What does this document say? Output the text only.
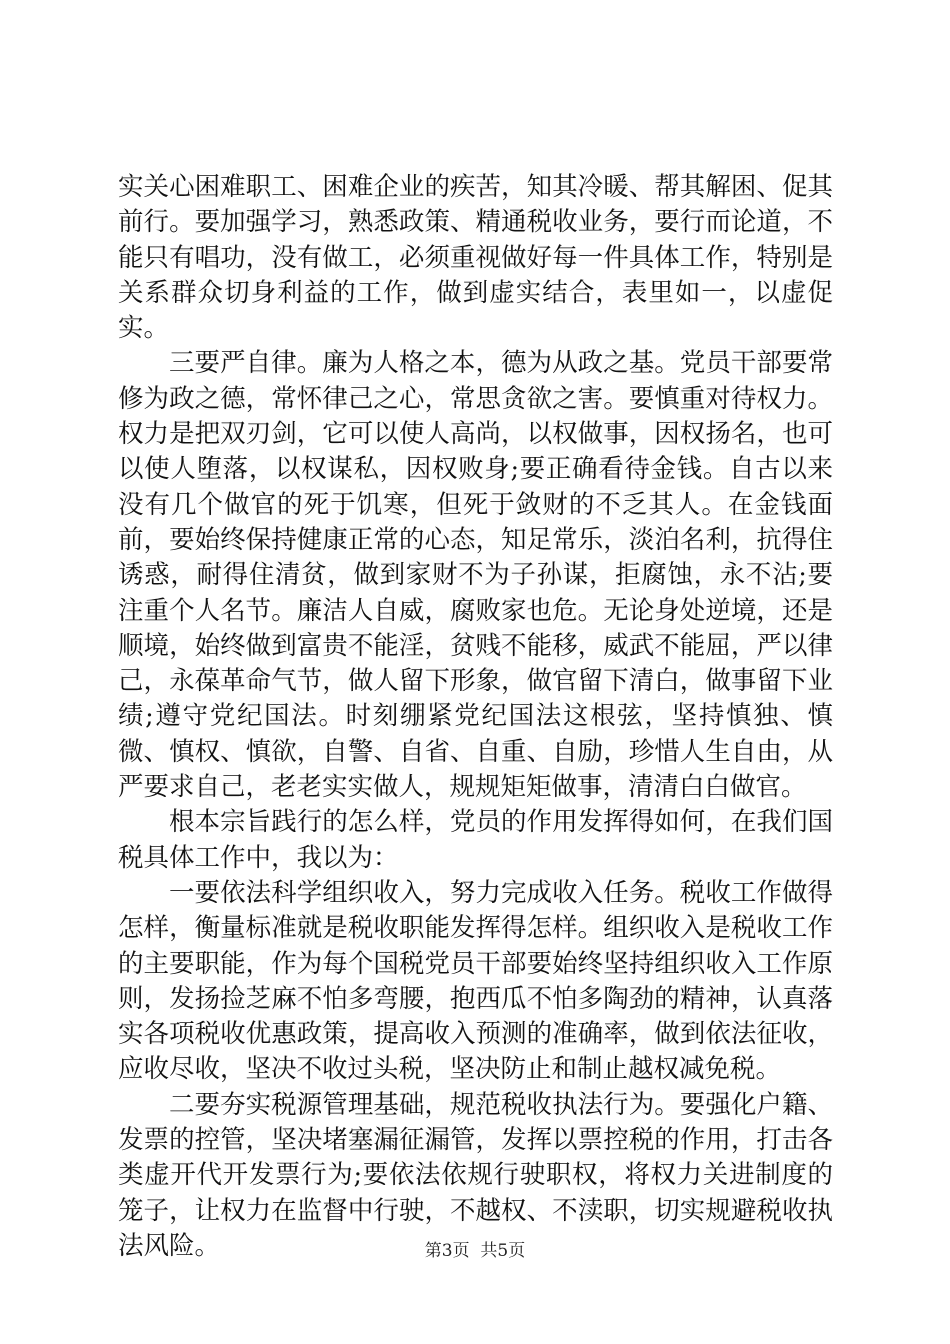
实关心困难职工、困难企业的疾苦，知其冷暖、帮其解困、促其前行。要加强学习，熟悉政策、精通税收业务，要行而论道，不能只有唱功，没有做工，必须重视做好每一件具体工作，特别是关系群众切身利益的工作，做到虚实结合，表里如一，以虚促实。

三要严自律。廉为人格之本，德为从政之基。党员干部要常修为政之德，常怀律己之心，常思贪欲之害。要慎重对待权力。权力是把双刃剑，它可以使人高尚，以权做事，因权扬名，也可以使人堕落，以权谋私，因权败身;要正确看待金钱。自古以来没有几个做官的死于饥寒，但死于敛财的不乏其人。在金钱面前，要始终保持健康正常的心态，知足常乐，淡泊名利，抗得住诱惑，耐得住清贫，做到家财不为子孙谋，拒腐蚀，永不沾;要注重个人名节。廉洁人自威，腐败家也危。无论身处逆境，还是顺境，始终做到富贵不能淫，贫贱不能移，威武不能屈，严以律己，永葆革命气节，做人留下形象，做官留下清白，做事留下业绩;遵守党纪国法。时刻绷紧党纪国法这根弦，坚持慎独、慎微、慎权、慎欲，自警、自省、自重、自励，珍惜人生自由，从严要求自己，老老实实做人，规规矩矩做事，清清白白做官。

根本宗旨践行的怎么样，党员的作用发挥得如何，在我们国税具体工作中，我以为：

一要依法科学组织收入，努力完成收入任务。税收工作做得怎样，衡量标准就是税收职能发挥得怎样。组织收入是税收工作的主要职能，作为每个国税党员干部要始终坚持组织收入工作原则，发扬捡芝麻不怕多弯腰，抱西瓜不怕多陶劲的精神，认真落实各项税收优惠政策，提高收入预测的准确率，做到依法征收，应收尽收，坚决不收过头税，坚决防止和制止越权减免税。

二要夯实税源管理基础，规范税收执法行为。要强化户籍、发票的控管，坚决堵塞漏征漏管，发挥以票控税的作用，打击各类虚开代开发票行为;要依法依规行驶职权，将权力关进制度的笼子，让权力在监督中行驶，不越权、不渎职，切实规避税收执法风险。	第3页  共5页
